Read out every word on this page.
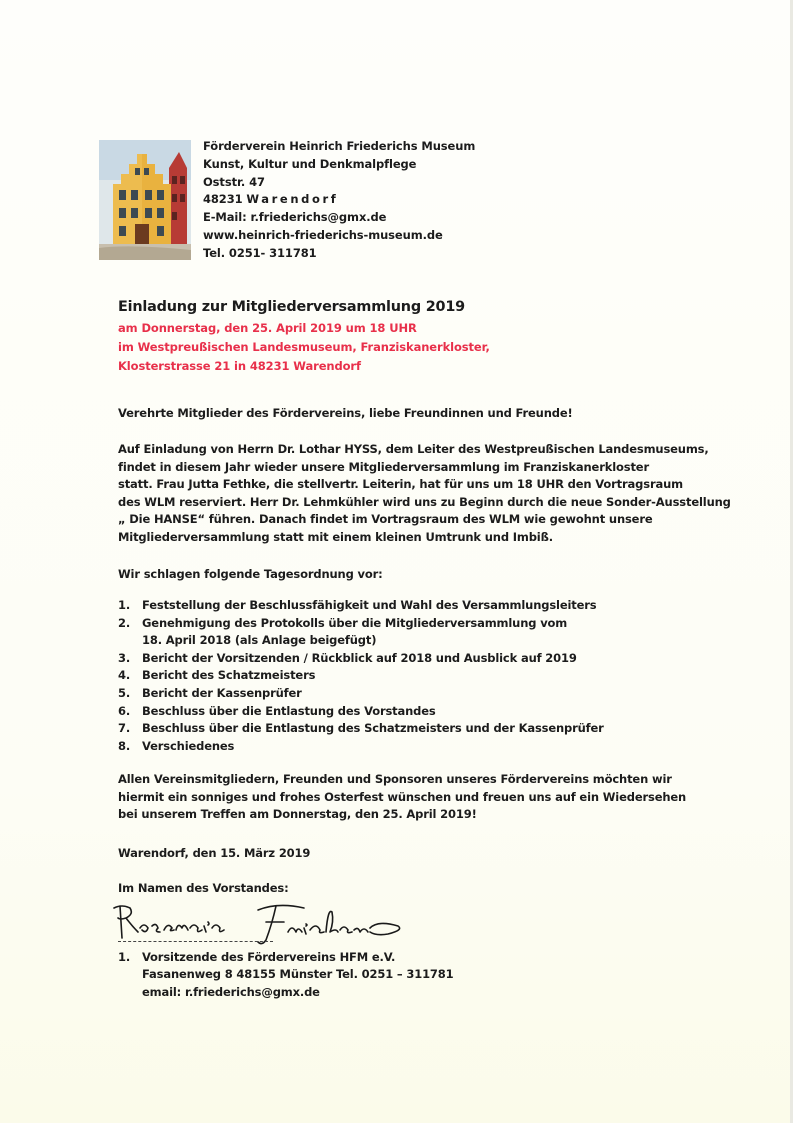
Förderverein Heinrich Friederichs Museum
Kunst, Kultur und Denkmalpflege
Oststr. 47
48231 Warendorf
E-Mail: r.friederichs@gmx.de
www.heinrich-friederichs-museum.de
Tel. 0251- 311781
Einladung zur Mitgliederversammlung 2019
am Donnerstag, den 25. April 2019 um 18 UHR
im Westpreußischen Landesmuseum, Franziskanerkloster,
Klosterstrasse 21 in 48231 Warendorf
Verehrte Mitglieder des Fördervereins, liebe Freundinnen und Freunde!
Auf Einladung von Herrn Dr. Lothar HYSS, dem Leiter des Westpreußischen Landesmuseums,
findet in diesem Jahr wieder unsere Mitgliederversammlung im Franziskanerkloster
statt. Frau Jutta Fethke, die stellvertr. Leiterin, hat für uns um 18 UHR den Vortragsraum
des WLM reserviert. Herr Dr. Lehmkühler wird uns zu Beginn durch die neue Sonder-Ausstellung
„ Die HANSE“ führen. Danach findet im Vortragsraum des WLM wie gewohnt unsere
Mitgliederversammlung statt mit einem kleinen Umtrunk und Imbiß.
Wir schlagen folgende Tagesordnung vor:
1.	Feststellung der Beschlussfähigkeit und Wahl des Versammlungsleiters
2.	Genehmigung des Protokolls über die Mitgliederversammlung vom
18. April 2018 (als Anlage beigefügt)
3.	Bericht der Vorsitzenden / Rückblick auf 2018 und Ausblick auf 2019
4.	Bericht des Schatzmeisters
5.	Bericht der Kassenprüfer
6.	Beschluss über die Entlastung des Vorstandes
7.	Beschluss über die Entlastung des Schatzmeisters und der Kassenprüfer
8.	Verschiedenes
Allen Vereinsmitgliedern, Freunden und Sponsoren unseres Fördervereins möchten wir
hiermit ein sonniges und frohes Osterfest wünschen und freuen uns auf ein Wiedersehen
bei unserem Treffen am Donnerstag, den 25. April 2019!
Warendorf, den 15. März 2019
Im Namen des Vorstandes:
1. Vorsitzende des Fördervereins HFM e.V.
Fasanenweg 8 48155 Münster Tel. 0251 – 311781
email: r.friederichs@gmx.de
